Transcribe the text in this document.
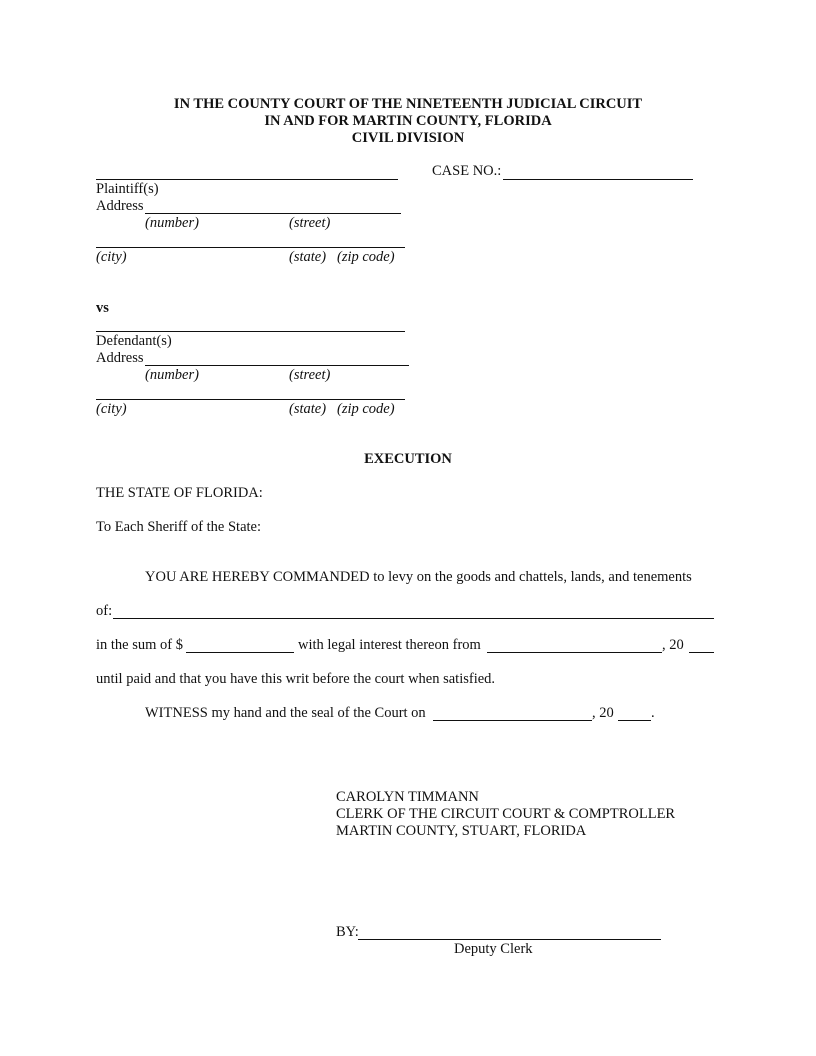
IN THE COUNTY COURT OF THE NINETEENTH JUDICIAL CIRCUIT
IN AND FOR MARTIN COUNTY, FLORIDA
CIVIL DIVISION
CASE NO.:
Plaintiff(s)
Address
(number)	(street)
(city)	(state) (zip code)
vs
Defendant(s)
Address
(number)	(street)
(city)	(state) (zip code)
EXECUTION
THE STATE OF FLORIDA:
To Each Sheriff of the State:
YOU ARE HEREBY COMMANDED to levy on the goods and chattels, lands, and tenements
of:
in the sum of $	with legal interest thereon from	, 20
until paid and that you have this writ before the court when satisfied.
WITNESS my hand and the seal of the Court on	, 20	.
CAROLYN TIMMANN
CLERK OF THE CIRCUIT COURT & COMPTROLLER
MARTIN COUNTY, STUART, FLORIDA
BY:
Deputy Clerk
